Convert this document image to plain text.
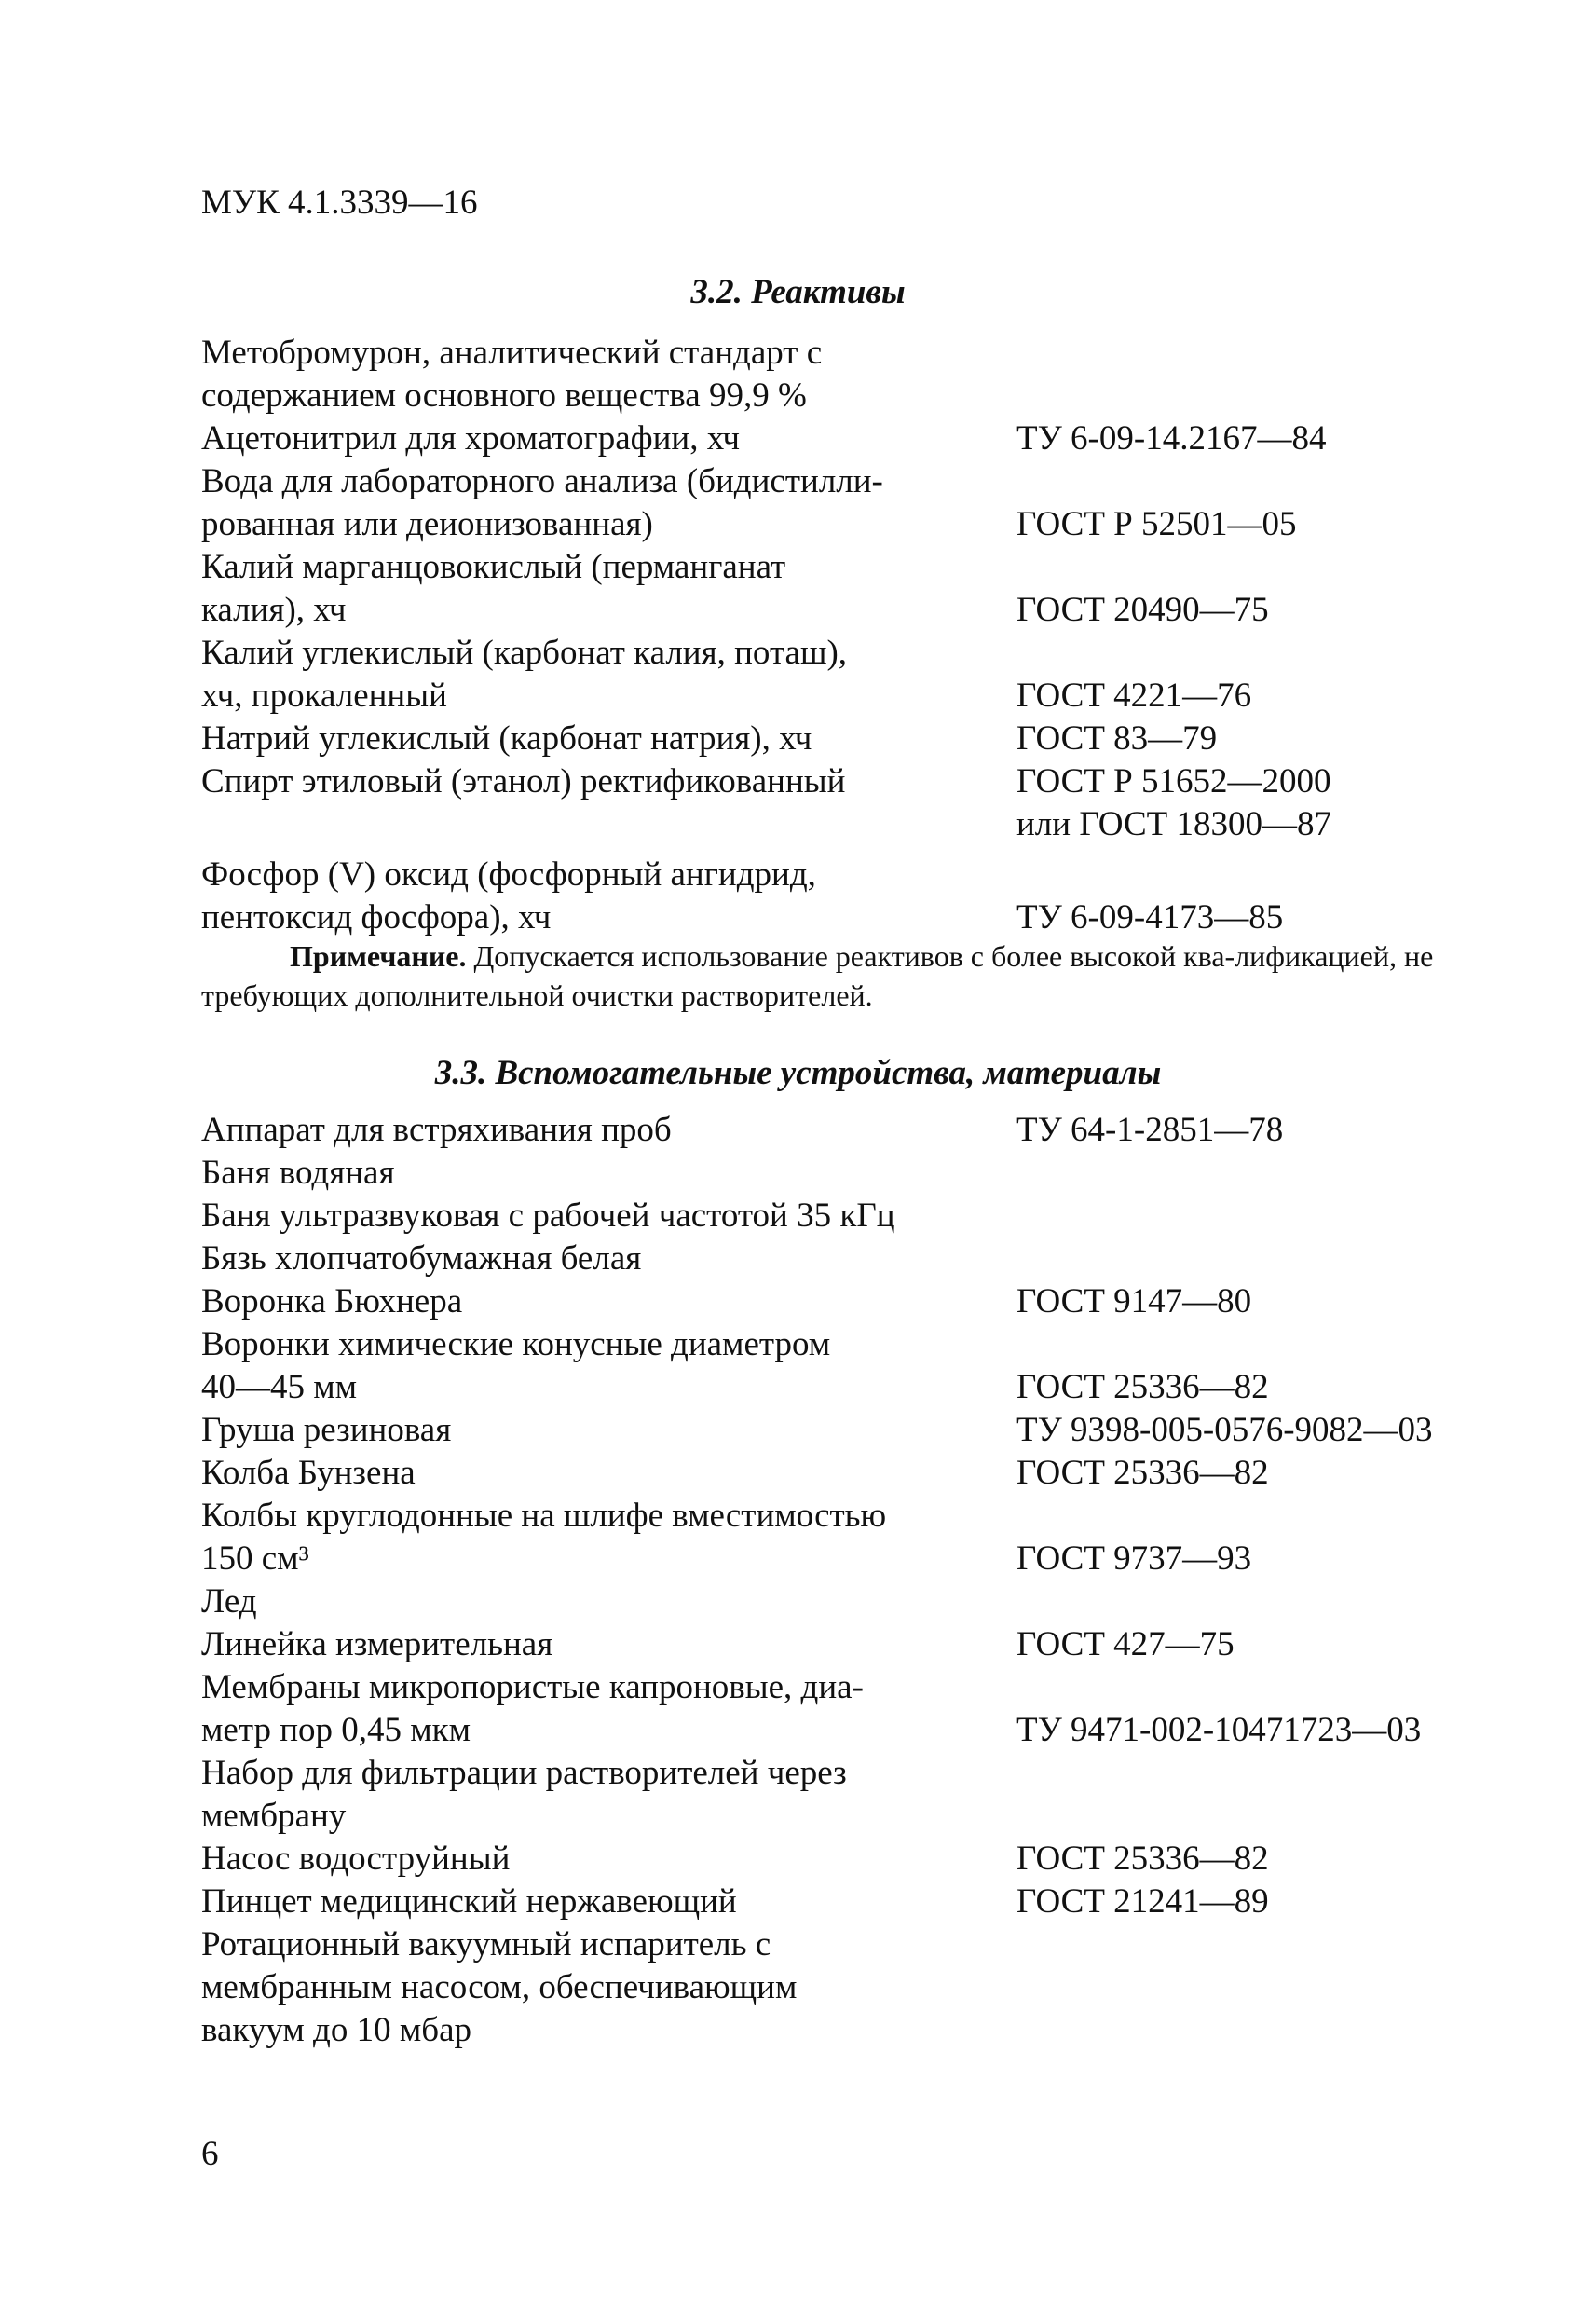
МУК 4.1.3339—16
3.2. Реактивы
Метобромурон, аналитический стандарт с
содержанием основного вещества 99,9 %
Ацетонитрил для хроматографии, хч	ТУ 6-09-14.2167—84
Вода для лабораторного анализа (бидистилли-
рованная или деионизованная)	ГОСТ Р 52501—05
Калий марганцовокислый (перманганат
калия), хч	ГОСТ 20490—75
Калий углекислый (карбонат калия, поташ),
хч, прокаленный	ГОСТ 4221—76
Натрий углекислый (карбонат натрия), хч	ГОСТ 83—79
Спирт этиловый (этанол) ректификованный	ГОСТ Р 51652—2000
или ГОСТ 18300—87
Фосфор (V) оксид (фосфорный ангидрид,
пентоксид фосфора), хч	ТУ 6-09-4173—85
Примечание. Допускается использование реактивов с более высокой ква-лификацией, не требующих дополнительной очистки растворителей.
3.3. Вспомогательные устройства, материалы
Аппарат для встряхивания проб	ТУ 64-1-2851—78
Баня водяная
Баня ультразвуковая с рабочей частотой 35 кГц
Бязь хлопчатобумажная белая
Воронка Бюхнера	ГОСТ 9147—80
Воронки химические конусные диаметром
40—45 мм	ГОСТ 25336—82
Груша резиновая	ТУ 9398-005-0576-9082—03
Колба Бунзена	ГОСТ 25336—82
Колбы круглодонные на шлифе вместимостью
150 см³	ГОСТ 9737—93
Лед
Линейка измерительная	ГОСТ 427—75
Мембраны микропористые капроновые, диа-
метр пор 0,45 мкм	ТУ 9471-002-10471723—03
Набор для фильтрации растворителей через
мембрану
Насос водоструйный	ГОСТ 25336—82
Пинцет медицинский нержавеющий	ГОСТ 21241—89
Ротационный вакуумный испаритель с
мембранным насосом, обеспечивающим
вакуум до 10 мбар
6
